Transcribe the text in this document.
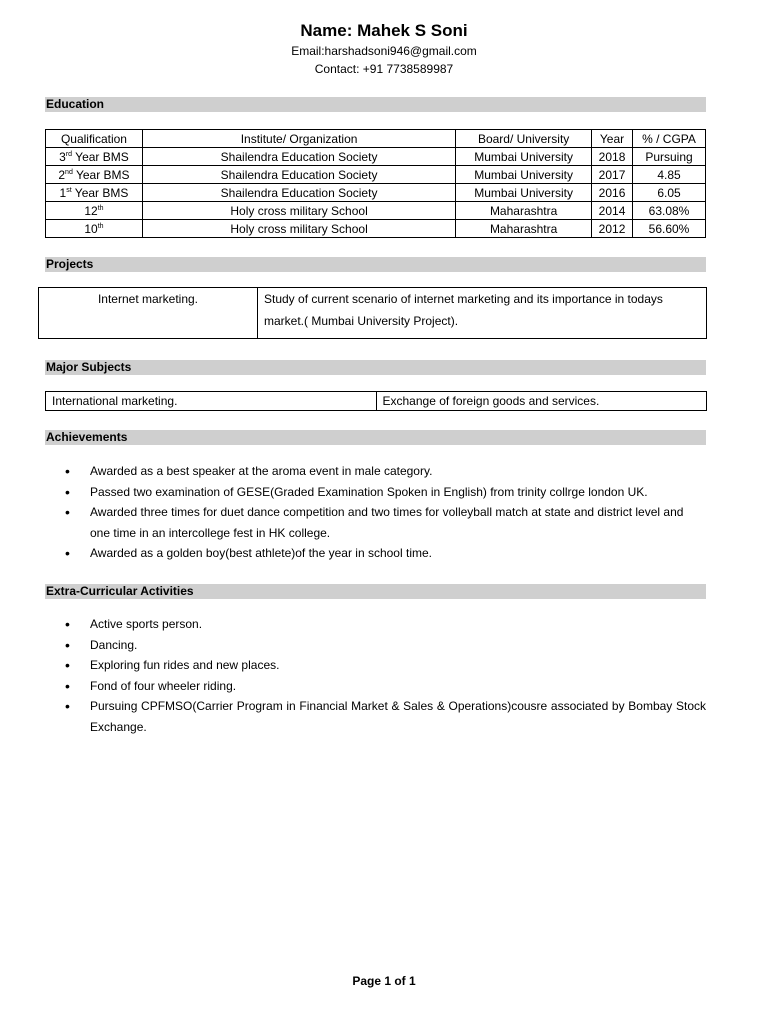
Name: Mahek S Soni
Email:harshadsoni946@gmail.com
Contact: +91 7738589987
Education
Qualification	Institute/ Organization	Board/ University	Year	% / CGPA
3rd Year BMS	Shailendra Education Society	Mumbai University	2018	Pursuing
2nd Year BMS	Shailendra Education Society	Mumbai University	2017	4.85
1st Year BMS	Shailendra Education Society	Mumbai University	2016	6.05
12th	Holy cross military School	Maharashtra	2014	63.08%
10th	Holy cross military School	Maharashtra	2012	56.60%
Projects
Internet marketing.	Study of current scenario of internet marketing and its importance in todays market.( Mumbai University Project).
Major Subjects
International marketing.	Exchange of foreign goods and services.
Achievements
• Awarded as a best speaker at the aroma event in male category.
• Passed two examination of GESE(Graded Examination Spoken in English) from trinity collrge london UK.
• Awarded three times for duet dance competition and two times for volleyball match at state and district level and one time in an intercollege fest in HK college.
• Awarded as a golden boy(best athlete)of the year in school time.
Extra-Curricular Activities
• Active sports person.
• Dancing.
• Exploring fun rides and new places.
• Fond of four wheeler riding.
• Pursuing CPFMSO(Carrier Program in Financial Market & Sales & Operations)cousre associated by Bombay Stock Exchange.
Page 1 of 1
